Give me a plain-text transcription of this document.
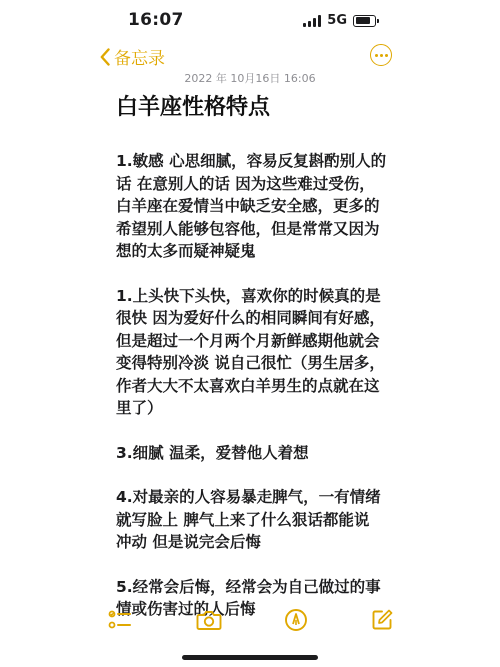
16:07	5G
备忘录
2022 年 10月16日 16:06
白羊座性格特点

1.敏感 心思细腻，容易反复斟酌别人的话 在意别人的话 因为这些难过受伤，白羊座在爱情当中缺乏安全感，更多的希望别人能够包容他，但是常常又因为想的太多而疑神疑鬼

1.上头快下头快，喜欢你的时候真的是很快 因为爱好什么的相同瞬间有好感，但是超过一个月两个月新鲜感期他就会变得特别冷淡 说自己很忙（男生居多，作者大大不太喜欢白羊男生的点就在这里了）

3.细腻 温柔，爱替他人着想

4.对最亲的人容易暴走脾气，一有情绪就写脸上 脾气上来了什么狠话都能说 冲动 但是说完会后悔

5.经常会后悔，经常会为自己做过的事情或伤害过的人后悔
